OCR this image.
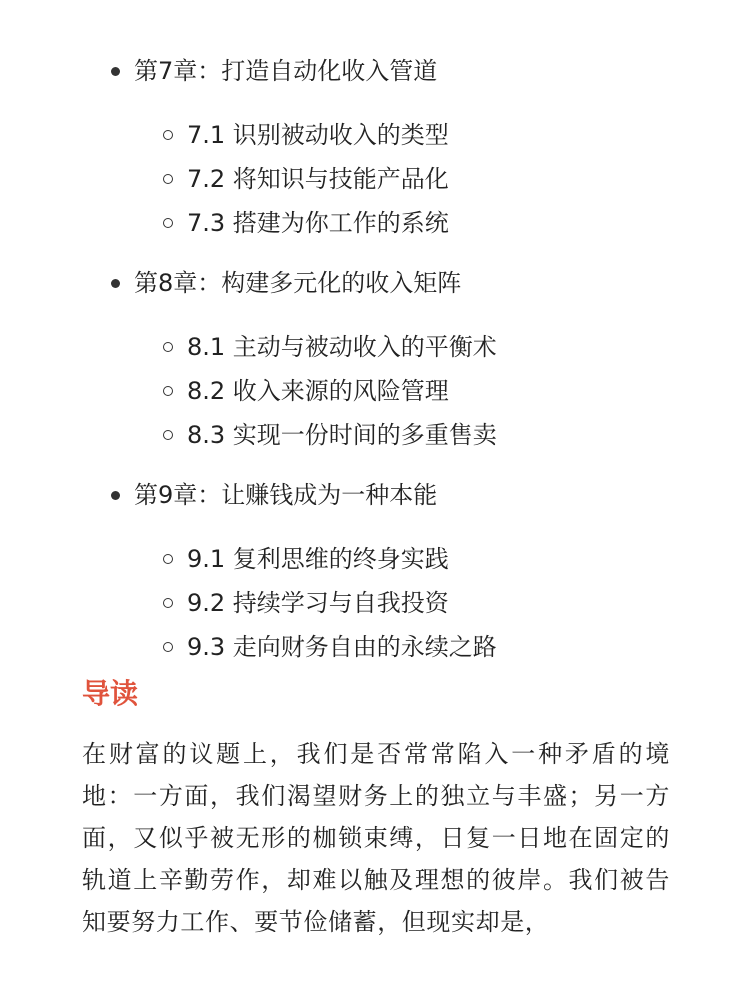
第7章：打造自动化收入管道
7.1 识别被动收入的类型
7.2 将知识与技能产品化
7.3 搭建为你工作的系统
第8章：构建多元化的收入矩阵
8.1 主动与被动收入的平衡术
8.2 收入来源的风险管理
8.3 实现一份时间的多重售卖
第9章：让赚钱成为一种本能
9.1 复利思维的终身实践
9.2 持续学习与自我投资
9.3 走向财务自由的永续之路
导读

在财富的议题上，我们是否常常陷入一种矛盾的境地：一方面，我们渴望财务上的独立与丰盛；另一方面，又似乎被无形的枷锁束缚，日复一日地在固定的轨道上辛勤劳作，却难以触及理想的彼岸。我们被告知要努力工作、要节俭储蓄，但现实却是，
